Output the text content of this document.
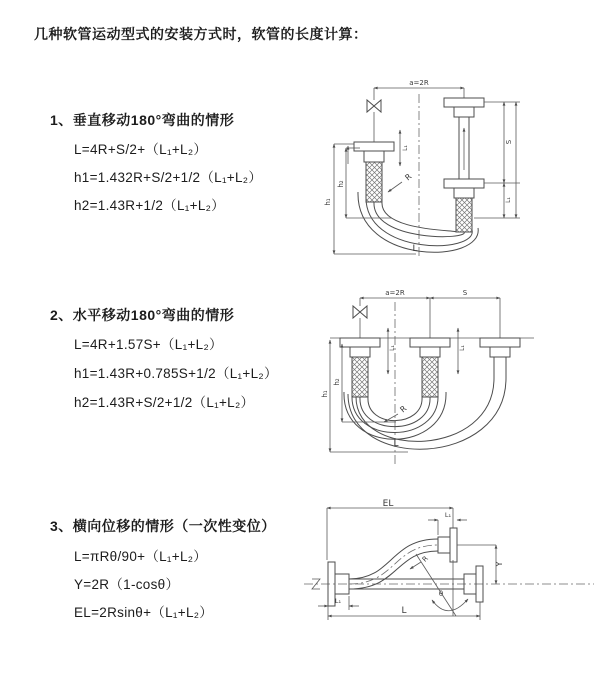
几种软管运动型式的安装方式时，软管的长度计算：
1、垂直移动180°弯曲的情形
L=4R+S/2+（L₁+L₂）
h1=1.432R+S/2+1/2（L₁+L₂）
h2=1.43R+1/2（L₁+L₂）
a=2R
h₁
h₂
L₁
S
L₁
R
L
2、水平移动180°弯曲的情形
L=4R+1.57S+（L₁+L₂）
h1=1.43R+0.785S+1/2（L₁+L₂）
h2=1.43R+S/2+1/2（L₁+L₂）
a=2R	S
L₁	L₁
h₁
h₂
R
L
3、横向位移的情形（一次性变位）
L=πRθ/90+（L₁+L₂）
Y=2R（1-cosθ）
EL=2Rsinθ+（L₁+L₂）
EL
L₁
Y
θ
R
L
L₁
